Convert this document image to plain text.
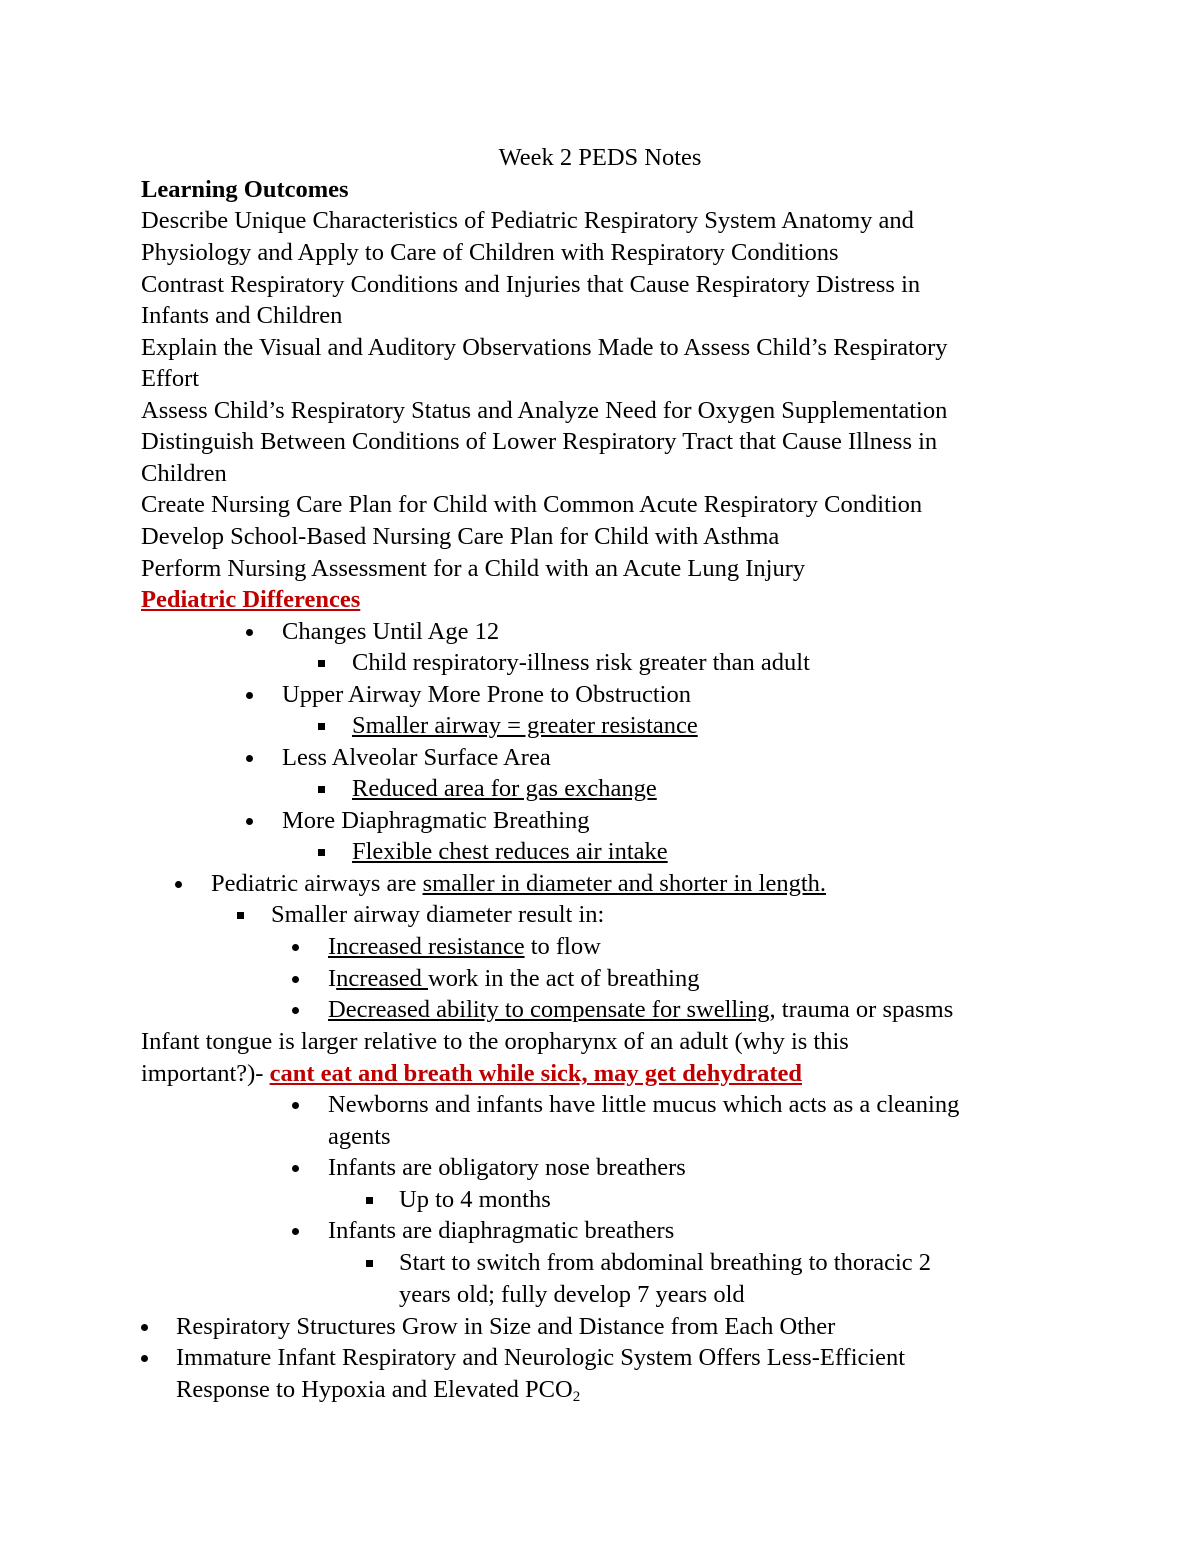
Week 2 PEDS Notes
Learning Outcomes
Describe Unique Characteristics of Pediatric Respiratory System Anatomy and
Physiology and Apply to Care of Children with Respiratory Conditions
Contrast Respiratory Conditions and Injuries that Cause Respiratory Distress in
Infants and Children
Explain the Visual and Auditory Observations Made to Assess Child’s Respiratory
Effort
Assess Child’s Respiratory Status and Analyze Need for Oxygen Supplementation
Distinguish Between Conditions of Lower Respiratory Tract that Cause Illness in
Children
Create Nursing Care Plan for Child with Common Acute Respiratory Condition
Develop School-Based Nursing Care Plan for Child with Asthma
Perform Nursing Assessment for a Child with an Acute Lung Injury
Pediatric Differences
Changes Until Age 12
Child respiratory-illness risk greater than adult
Upper Airway More Prone to Obstruction
Smaller airway = greater resistance
Less Alveolar Surface Area
Reduced area for gas exchange
More Diaphragmatic Breathing
Flexible chest reduces air intake
Pediatric airways are smaller in diameter and shorter in length.
Smaller airway diameter result in:
Increased resistance to flow
Increased work in the act of breathing
Decreased ability to compensate for swelling, trauma or spasms
Infant tongue is larger relative to the oropharynx of an adult (why is this
important?)- cant eat and breath while sick, may get dehydrated
Newborns and infants have little mucus which acts as a cleaning
agents
Infants are obligatory nose breathers
Up to 4 months
Infants are diaphragmatic breathers
Start to switch from abdominal breathing to thoracic 2
years old; fully develop 7 years old
Respiratory Structures Grow in Size and Distance from Each Other
Immature Infant Respiratory and Neurologic System Offers Less-Efficient
Response to Hypoxia and Elevated $PCO_2$
